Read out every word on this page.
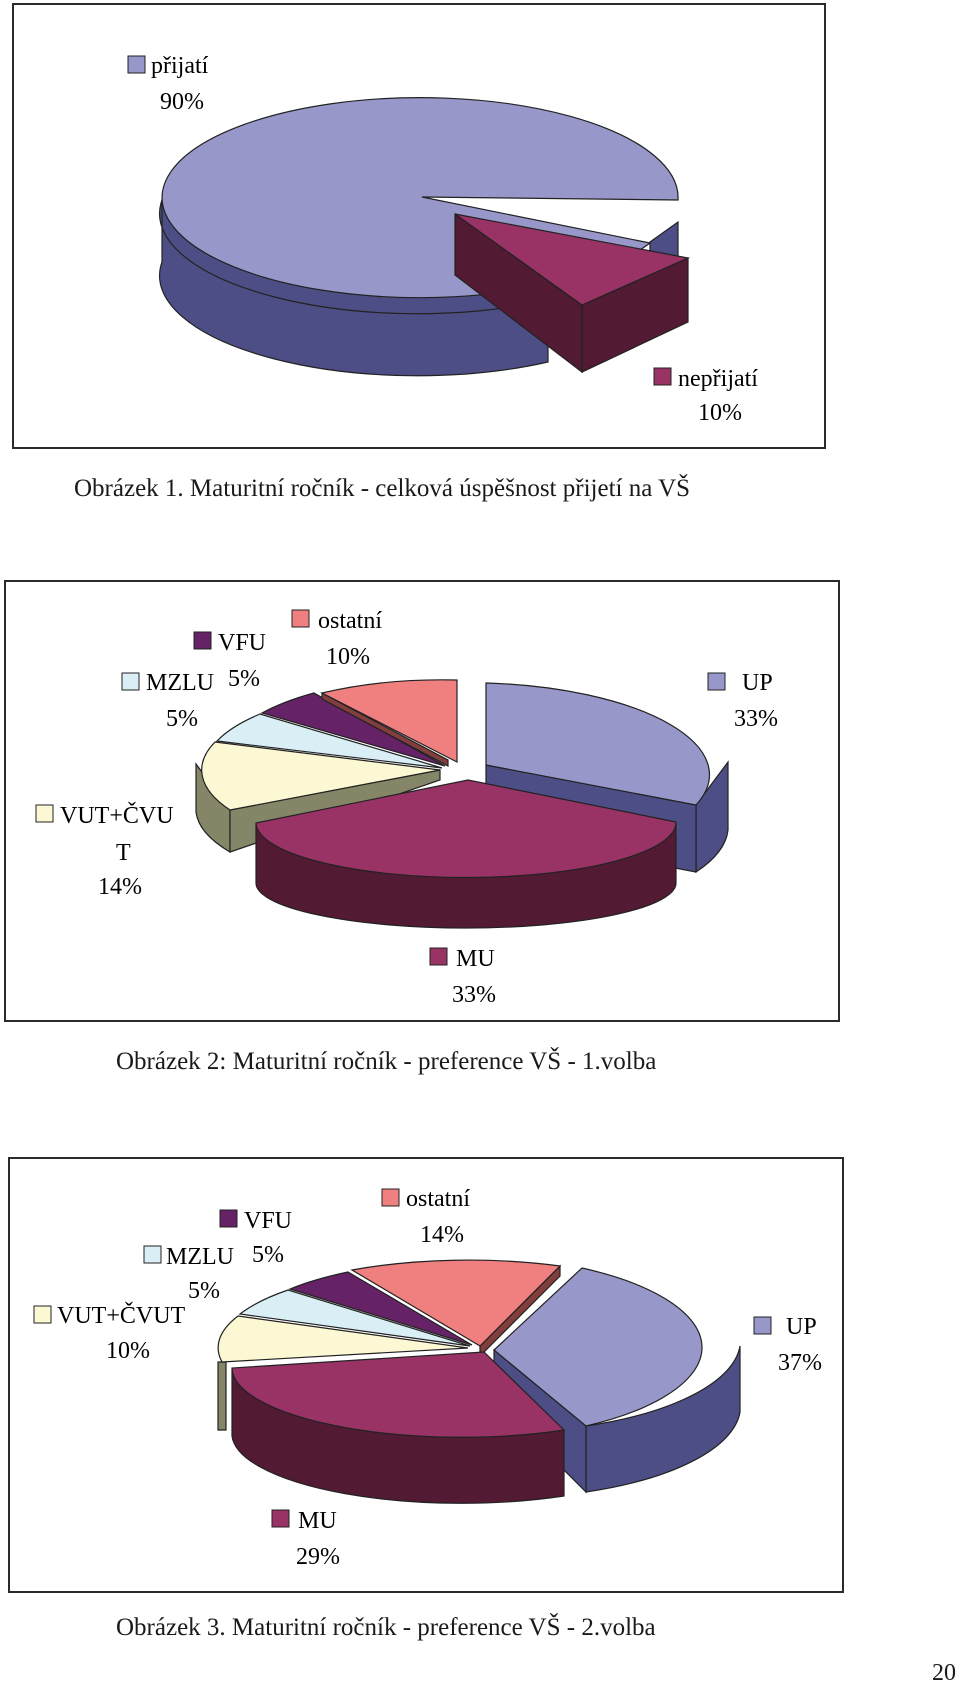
přijatí
90%
nepřijatí
10%
Obrázek 1. Maturitní ročník - celková úspěšnost přijetí na VŠ
ostatní
10%
VFU
5%
MZLU
5%
UP
33%
VUT+ČVU
T
14%
MU
33%
Obrázek 2: Maturitní ročník - preference VŠ - 1.volba
ostatní
14%
VFU
5%
MZLU
5%
VUT+ČVUT
10%
UP
37%
MU
29%
Obrázek 3. Maturitní ročník - preference VŠ - 2.volba
20
